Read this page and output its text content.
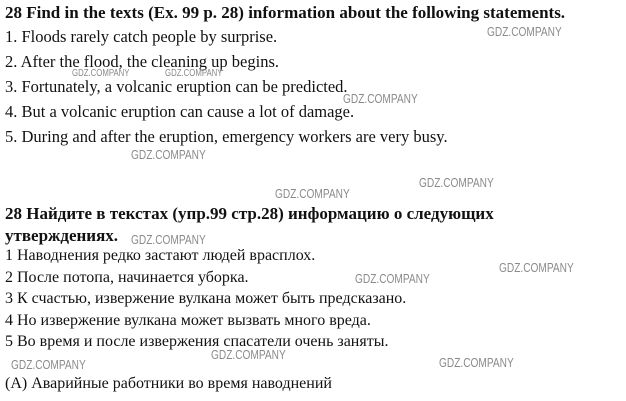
28 Find in the texts (Ex. 99 p. 28) information about the following statements.
1. Floods rarely catch people by surprise.
2. After the flood, the cleaning up begins.
3. Fortunately, a volcanic eruption can be predicted.
4. But a volcanic eruption can cause a lot of damage.
5. During and after the eruption, emergency workers are very busy.
28 Найдите в текстах (упр.99 стр.28) информацию о следующих
утверждениях.
1 Наводнения редко застают людей врасплох.
2 После потопа, начинается уборка.
3 К счастью, извержение вулкана может быть предсказано.
4 Но извержение вулкана может вызвать много вреда.
5 Во время и после извержения спасатели очень заняты.
(A) Аварийные работники во время наводнений
GDZ.COMPANY
GDZ.COMPANY	GDZ.COMPANY
GDZ.COMPANY
GDZ.COMPANY
GDZ.COMPANY
GDZ.COMPANY
GDZ.COMPANY
GDZ.COMPANY
GDZ.COMPANY
GDZ.COMPANY
GDZ.COMPANY	GDZ.COMPANY
